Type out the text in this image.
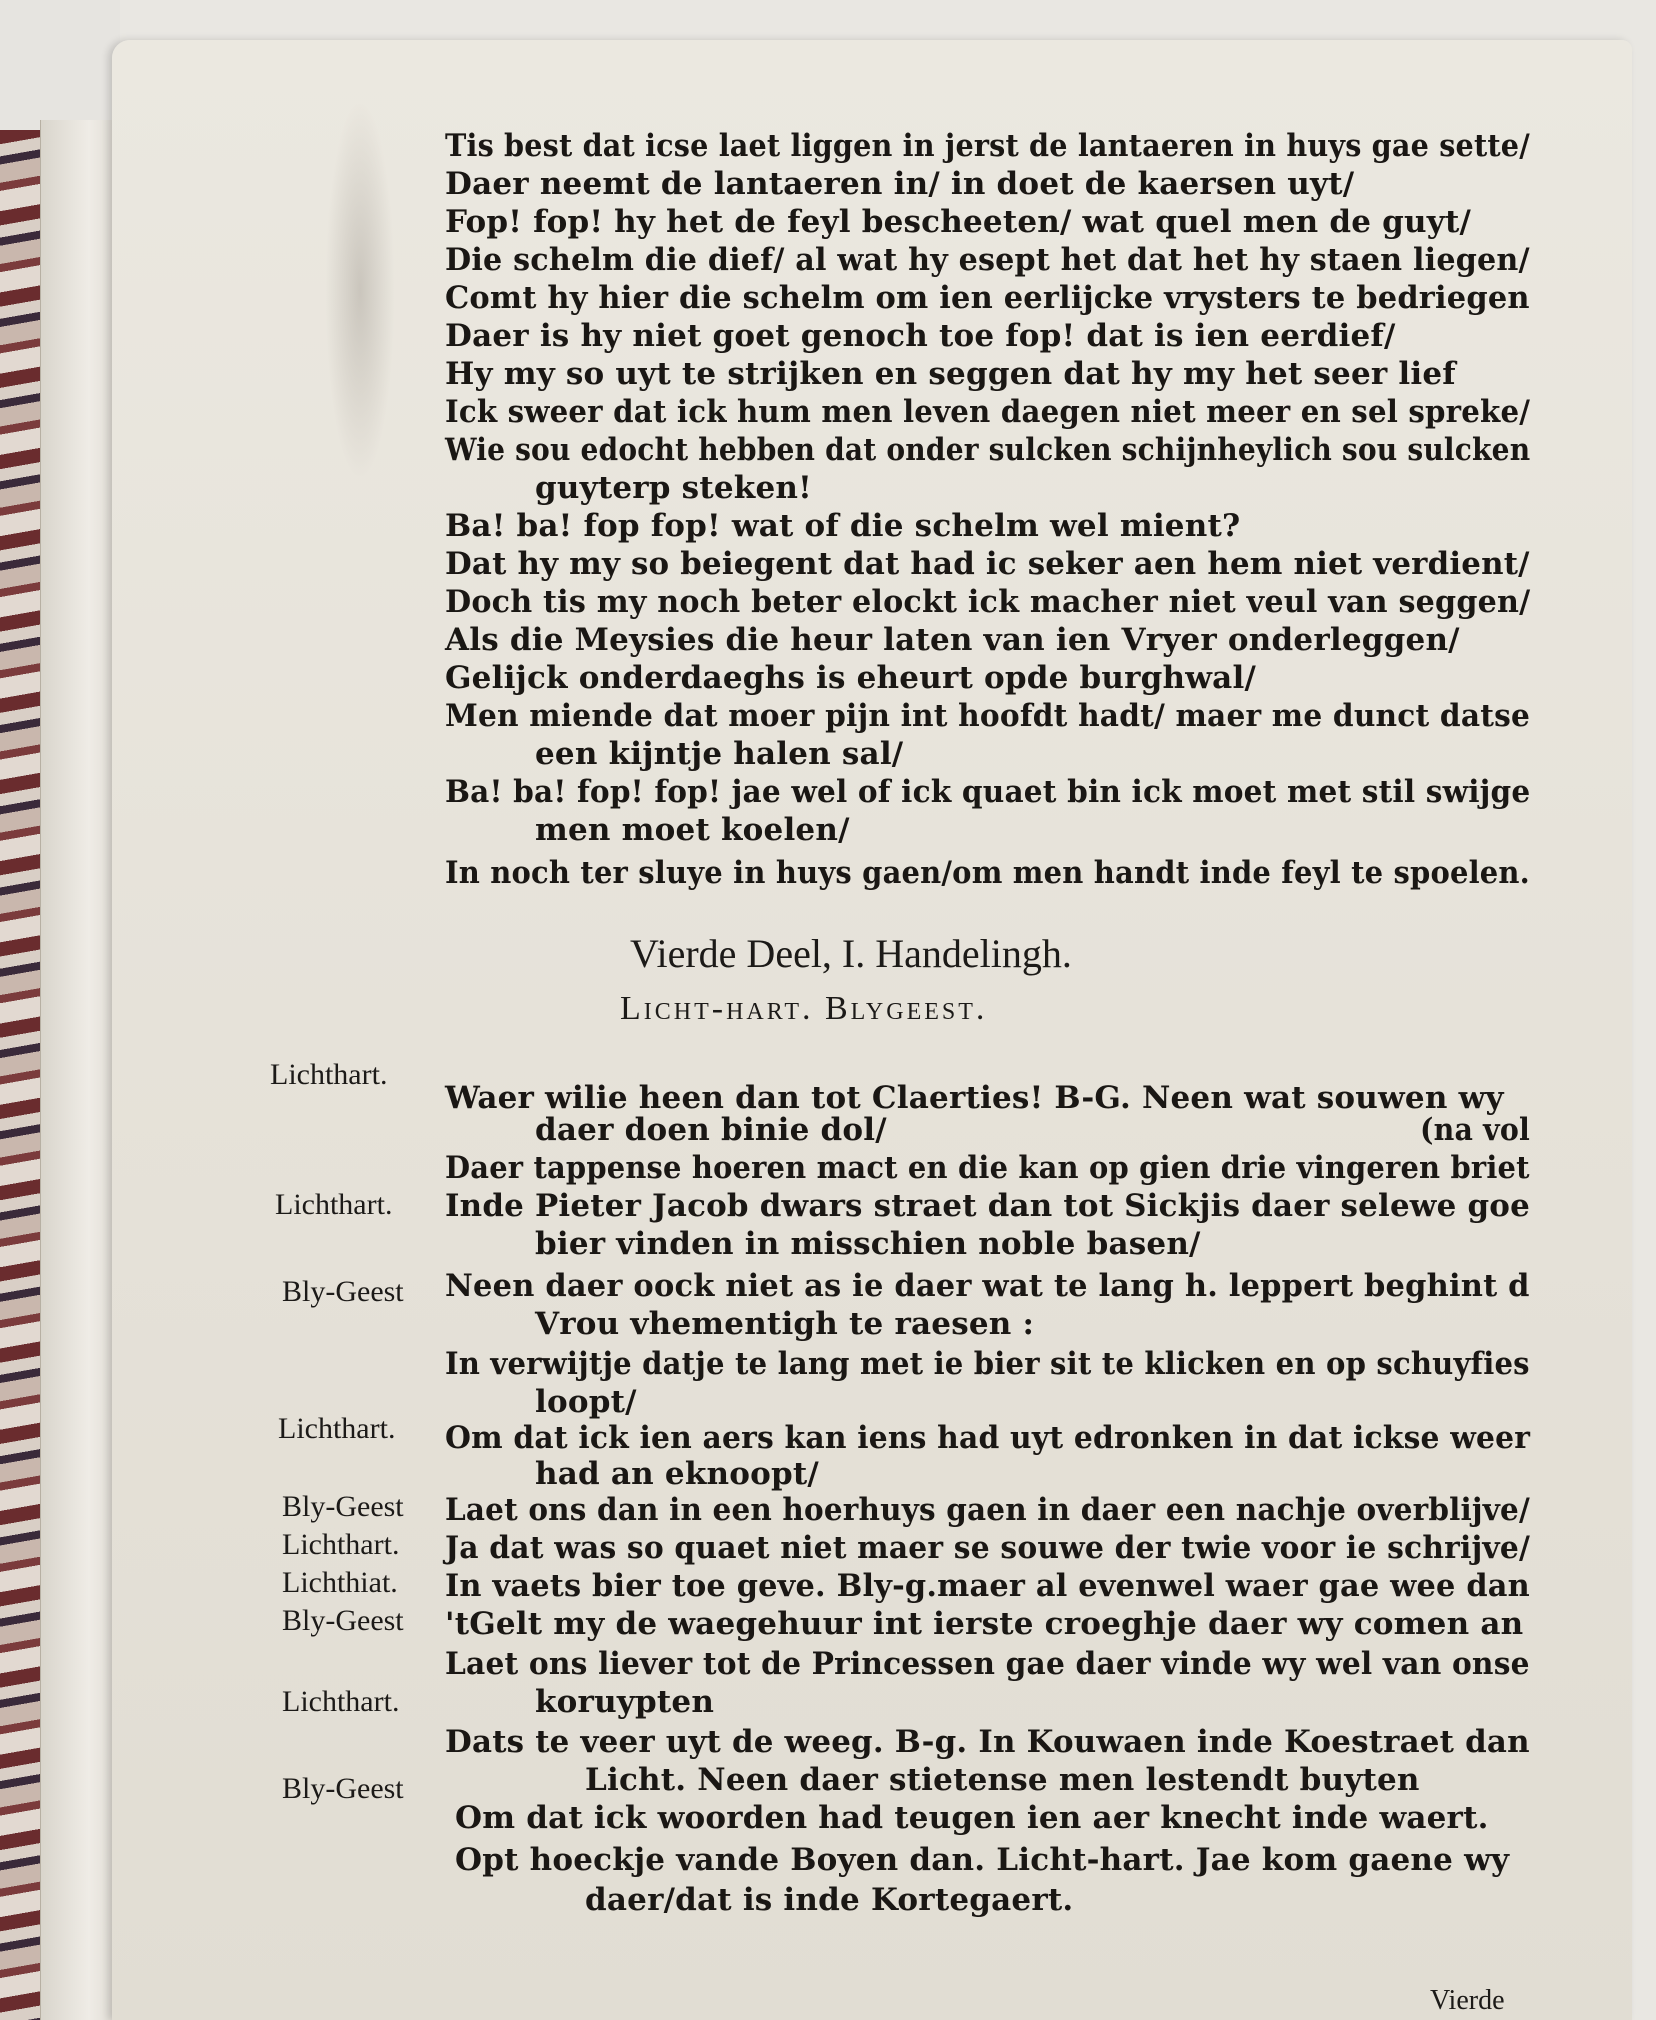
Tis best dat icse laet liggen in jerst de lantaeren in huys gae sette/
Daer neemt de lantaeren in/ in doet de kaersen uyt/
Fop! fop! hy het de feyl bescheeten/ wat quel men de guyt/
Die schelm die dief/ al wat hy esept het dat het hy staen liegen/
Comt hy hier die schelm om ien eerlijcke vrysters te bedriegen
Daer is hy niet goet genoch toe fop! dat is ien eerdief/
Hy my so uyt te strijken en seggen dat hy my het seer lief
Ick sweer dat ick hum men leven daegen niet meer en sel spreke/
Wie sou edocht hebben dat onder sulcken schijnheylich sou sulcken
guyterp steken!
Ba! ba! fop fop! wat of die schelm wel mient?
Dat hy my so beiegent dat had ic seker aen hem niet verdient/
Doch tis my noch beter elockt ick macher niet veul van seggen/
Als die Meysies die heur laten van ien Vryer onderleggen/
Gelijck onderdaeghs is eheurt opde burghwal/
Men miende dat moer pijn int hoofdt hadt/ maer me dunct datse
een kijntje halen sal/
Ba! ba! fop! fop! jae wel of ick quaet bin ick moet met stil swijge
men moet koelen/
In noch ter sluye in huys gaen/om men handt inde feyl te spoelen.
Vierde Deel, I. Handelingh.
Licht-hart. Blygeest.
Lichthart.
Lichthart.
Bly-Geest
Lichthart.
Bly-Geest
Lichthart.
Lichthiat.
Bly-Geest
Lichthart.
Bly-Geest
Waer wilie heen dan tot Claerties! B-G. Neen wat souwen wy
daer doen binie dol/	(na vol
Daer tappense hoeren mact en die kan op gien drie vingeren briet
Inde Pieter Jacob dwars straet dan tot Sickjis daer selewe goe
bier vinden in misschien noble basen/
Neen daer oock niet as ie daer wat te lang h. leppert beghint d
Vrou vhementigh te raesen :
In verwijtje datje te lang met ie bier sit te klicken en op schuyfies
loopt/
Om dat ick ien aers kan iens had uyt edronken in dat ickse weer
had an eknoopt/
Laet ons dan in een hoerhuys gaen in daer een nachje overblijve/
Ja dat was so quaet niet maer se souwe der twie voor ie schrijve/
In vaets bier toe geve. Bly-g.maer al evenwel waer gae wee dan
'tGelt my de waegehuur int ierste croeghje daer wy comen an
Laet ons liever tot de Princessen gae daer vinde wy wel van onse
koruypten
Dats te veer uyt de weeg. B-g. In Kouwaen inde Koestraet dan
Licht. Neen daer stietense men lestendt buyten
Om dat ick woorden had teugen ien aer knecht inde waert.
Opt hoeckje vande Boyen dan. Licht-hart. Jae kom gaene wy
daer/dat is inde Kortegaert.
Vierde
